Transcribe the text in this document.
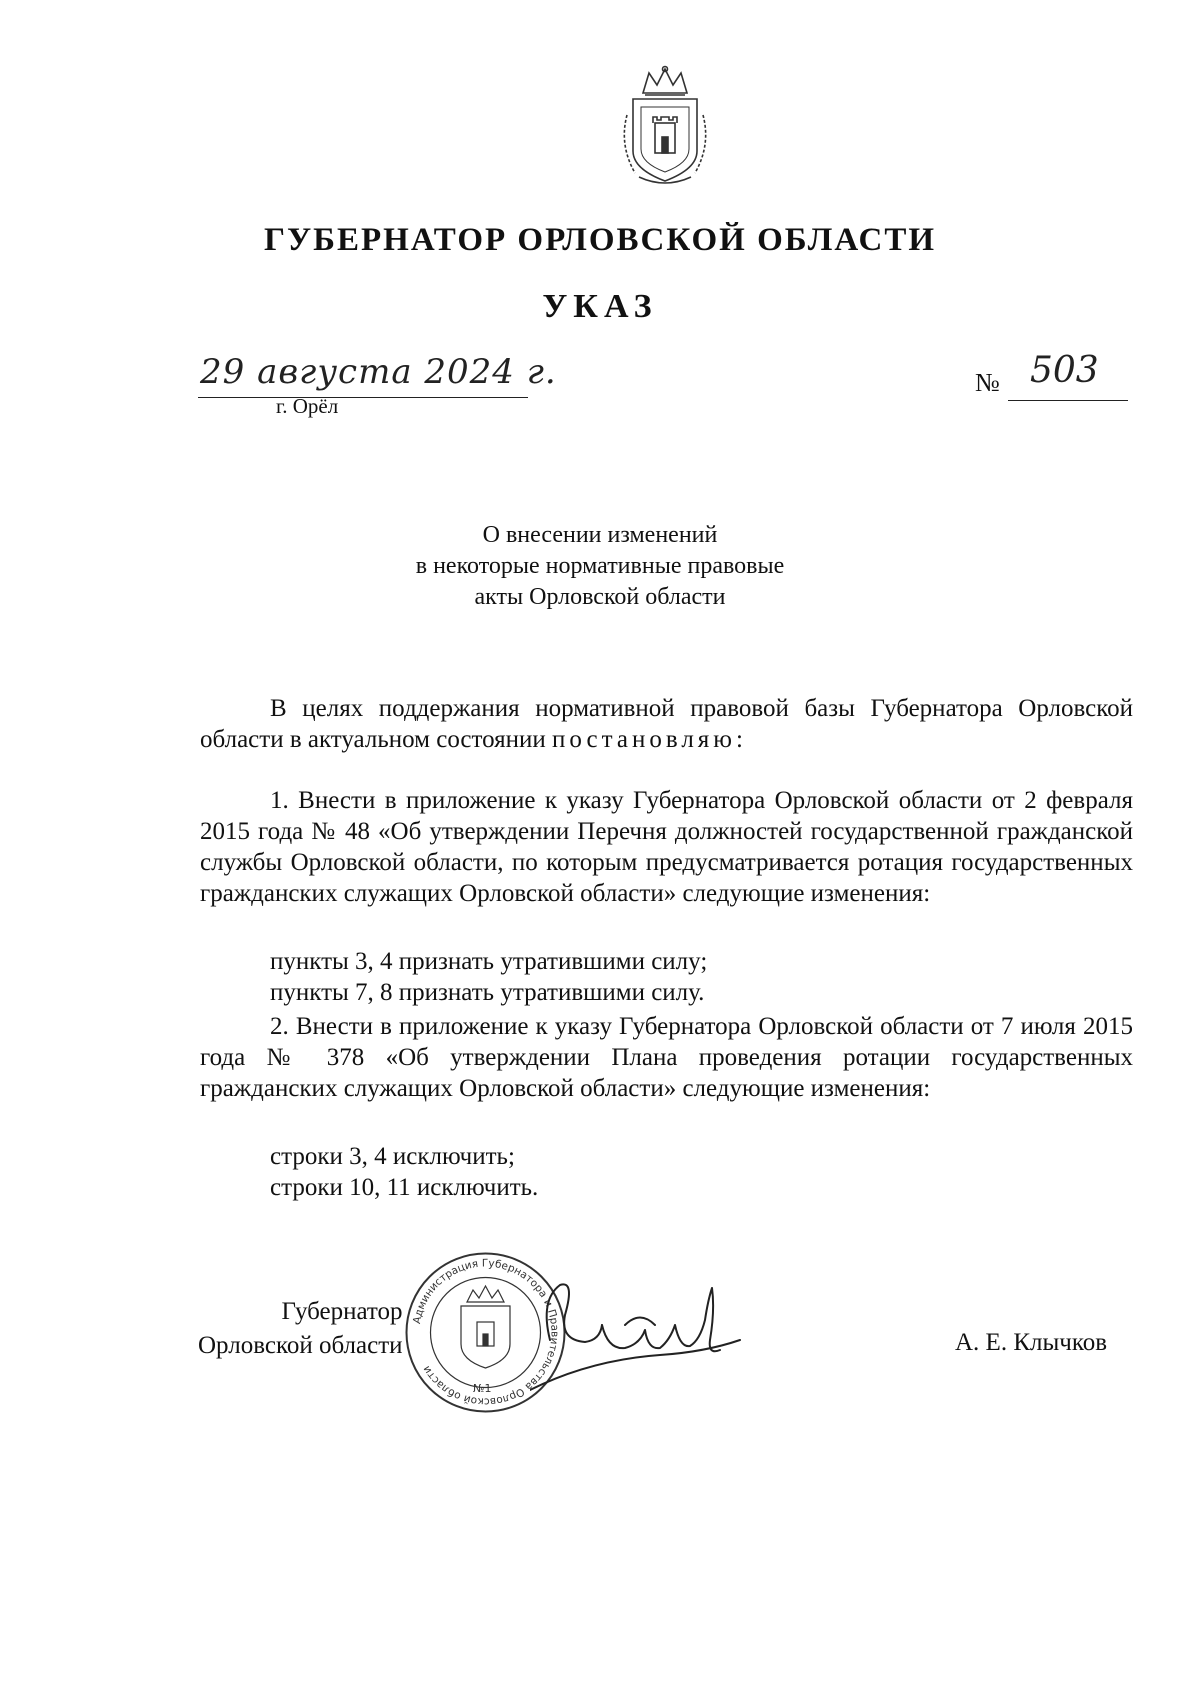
ГУБЕРНАТОР ОРЛОВСКОЙ ОБЛАСТИ
УКАЗ
29 августа 2024 г.
г. Орёл
№ 503
О внесении изменений
в некоторые нормативные правовые
акты Орловской области
В целях поддержания нормативной правовой базы Губернатора Орловской области в актуальном состоянии постановляю:
1. Внести в приложение к указу Губернатора Орловской области от 2 февраля 2015 года № 48 «Об утверждении Перечня должностей государственной гражданской службы Орловской области, по которым предусматривается ротация государственных гражданских служащих Орловской области» следующие изменения:
пункты 3, 4 признать утратившими силу;
пункты 7, 8 признать утратившими силу.
2. Внести в приложение к указу Губернатора Орловской области от 7 июля 2015 года № 378 «Об утверждении Плана проведения ротации государственных гражданских служащих Орловской области» следующие изменения:
строки 3, 4 исключить;
строки 10, 11 исключить.
Губернатор
Орловской области	А. Е. Клычков
Администрация Губернатора и Правительства Орловской области
№1
